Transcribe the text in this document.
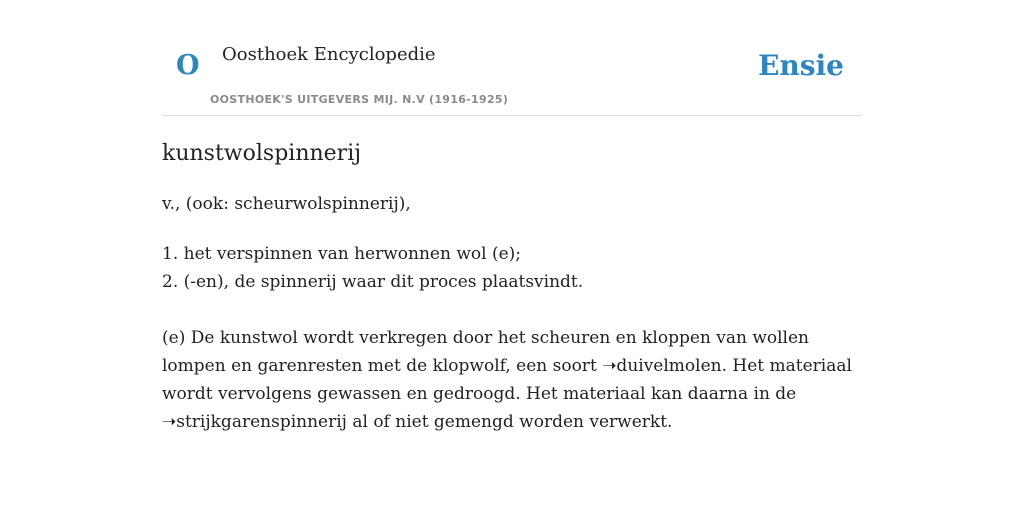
O Oosthoek Encyclopedie
OOSTHOEK'S UITGEVERS MIJ. N.V (1916-1925)
Ensie
kunstwolspinnerij
v., (ook: scheurwolspinnerij),
1. het verspinnen van herwonnen wol (e);
2. (-en), de spinnerij waar dit proces plaatsvindt.
(e) De kunstwol wordt verkregen door het scheuren en kloppen van wollen lompen en garenresten met de klopwolf, een soort ➝duivelmolen. Het materiaal wordt vervolgens gewassen en gedroogd. Het materiaal kan daarna in de ➝strijkgarenspinnerij al of niet gemengd worden verwerkt.
